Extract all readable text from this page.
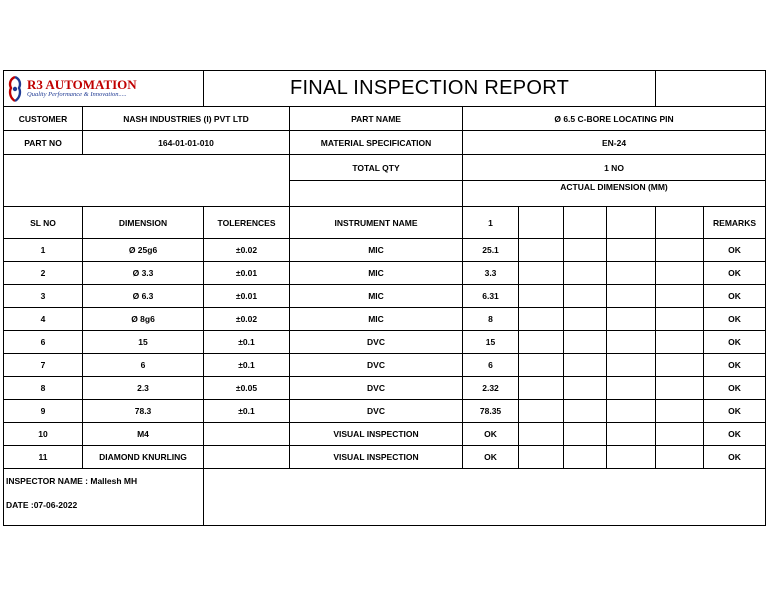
R3 AUTOMATION
Quality Performance & Innovation.....		FINAL INSPECTION REPORT							
CUSTOMER	NASH INDUSTRIES (I) PVT LTD		PART NAME	Ø 6.5 C-BORE LOCATING PIN					
PART NO	164-01-01-010		MATERIAL SPECIFICATION	EN-24					
			TOTAL QTY	1 NO					
				ACTUAL DIMENSION (MM)					
SL NO	DIMENSION	TOLERENCES	INSTRUMENT NAME	1					REMARKS
1	Ø 25g6	±0.02	MIC	25.1					OK
2	Ø 3.3	±0.01	MIC	3.3					OK
3	Ø 6.3	±0.01	MIC	6.31					OK
4	Ø 8g6	±0.02	MIC	8					OK
6	15	±0.1	DVC	15					OK
7	6	±0.1	DVC	6					OK
8	2.3	±0.05	DVC	2.32					OK
9	78.3	±0.1	DVC	78.35					OK
10	M4		VISUAL INSPECTION	OK					OK
11	DIAMOND KNURLING		VISUAL INSPECTION	OK					OK

INSPECTOR NAME : Mallesh MH
DATE :07-06-2022									
